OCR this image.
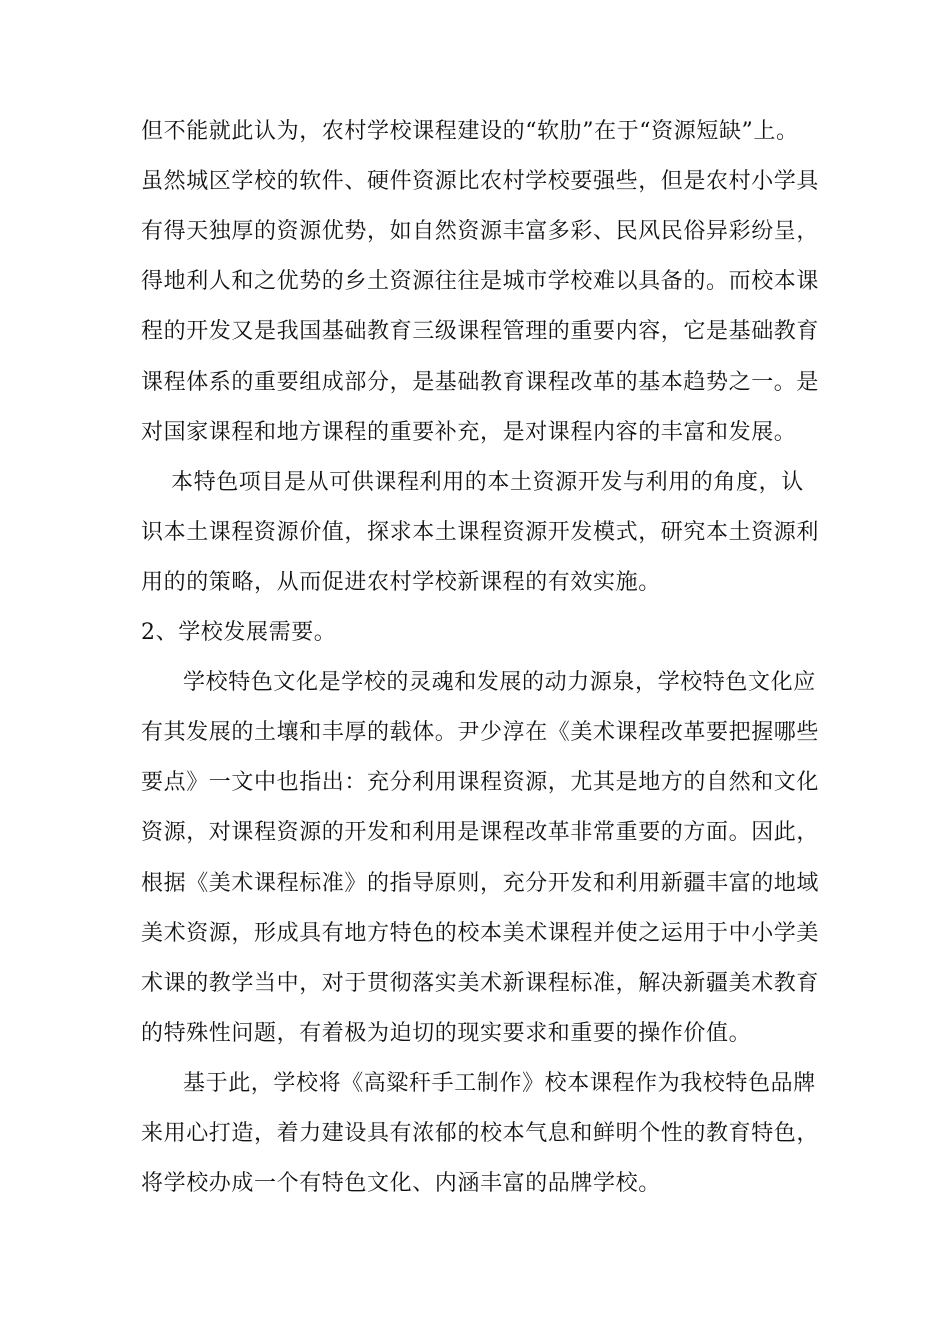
但不能就此认为，农村学校课程建设的“软肋”在于“资源短缺”上。
虽然城区学校的软件、硬件资源比农村学校要强些，但是农村小学具
有得天独厚的资源优势，如自然资源丰富多彩、民风民俗异彩纷呈，
得地利人和之优势的乡土资源往往是城市学校难以具备的。而校本课
程的开发又是我国基础教育三级课程管理的重要内容，它是基础教育
课程体系的重要组成部分，是基础教育课程改革的基本趋势之一。是
对国家课程和地方课程的重要补充，是对课程内容的丰富和发展。
本特色项目是从可供课程利用的本土资源开发与利用的角度，认
识本土课程资源价值，探求本土课程资源开发模式，研究本土资源利
用的的策略，从而促进农村学校新课程的有效实施。
2、学校发展需要。
学校特色文化是学校的灵魂和发展的动力源泉，学校特色文化应
有其发展的土壤和丰厚的载体。尹少淳在《美术课程改革要把握哪些
要点》一文中也指出：充分利用课程资源，尤其是地方的自然和文化
资源，对课程资源的开发和利用是课程改革非常重要的方面。因此，
根据《美术课程标准》的指导原则，充分开发和利用新疆丰富的地域
美术资源，形成具有地方特色的校本美术课程并使之运用于中小学美
术课的教学当中，对于贯彻落实美术新课程标准，解决新疆美术教育
的特殊性问题，有着极为迫切的现实要求和重要的操作价值。
基于此，学校将《高粱秆手工制作》校本课程作为我校特色品牌
来用心打造，着力建设具有浓郁的校本气息和鲜明个性的教育特色，
将学校办成一个有特色文化、内涵丰富的品牌学校。
